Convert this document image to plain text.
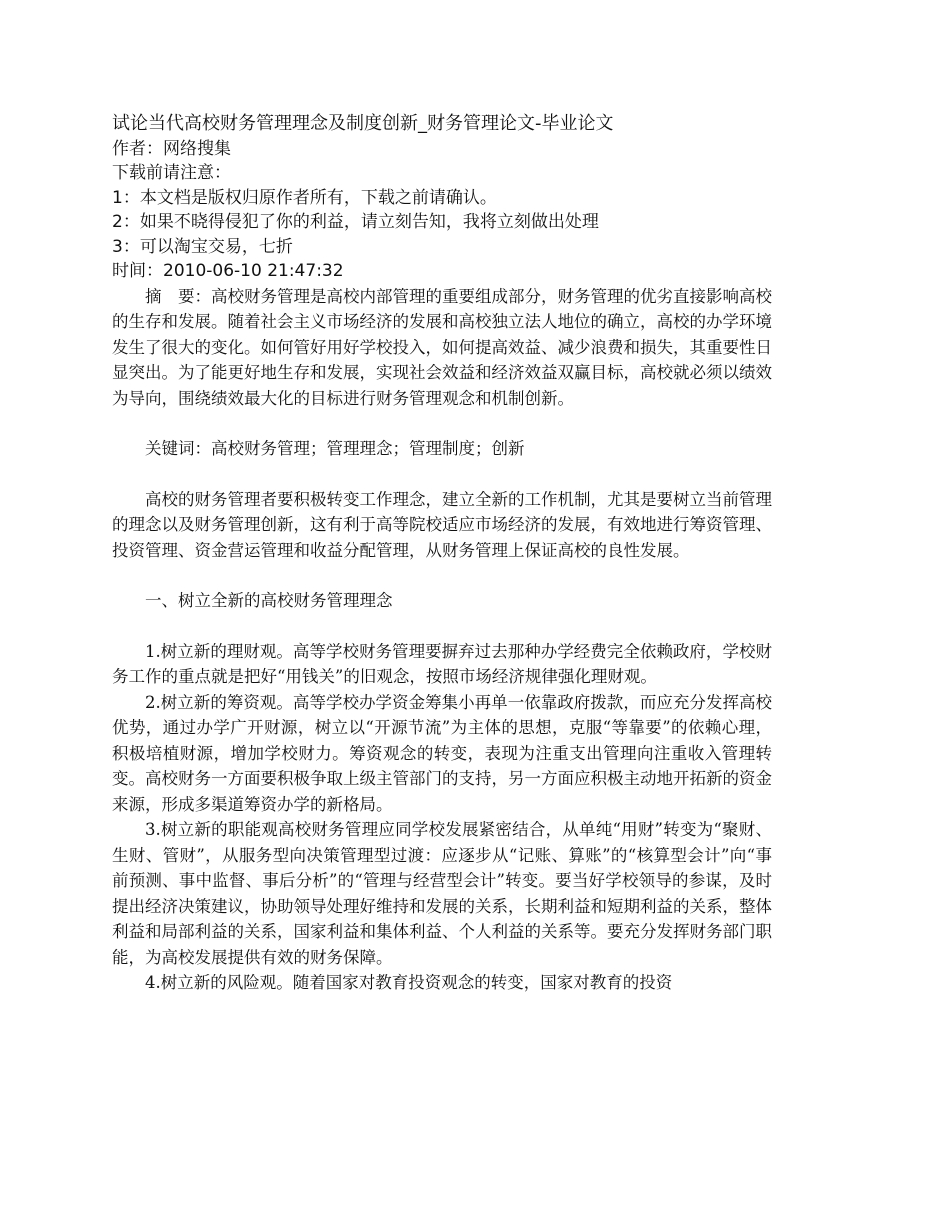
试论当代高校财务管理理念及制度创新_财务管理论文-毕业论文
作者：网络搜集
下载前请注意：
1：本文档是版权归原作者所有，下载之前请确认。
2：如果不晓得侵犯了你的利益，请立刻告知，我将立刻做出处理
3：可以淘宝交易，七折
时间：2010-06-10 21:47:32

摘　要：高校财务管理是高校内部管理的重要组成部分，财务管理的优劣直接影响高校的生存和发展。随着社会主义市场经济的发展和高校独立法人地位的确立，高校的办学环境发生了很大的变化。如何管好用好学校投入，如何提高效益、减少浪费和损失，其重要性日显突出。为了能更好地生存和发展，实现社会效益和经济效益双赢目标，高校就必须以绩效为导向，围绕绩效最大化的目标进行财务管理观念和机制创新。

关键词：高校财务管理；管理理念；管理制度；创新

高校的财务管理者要积极转变工作理念，建立全新的工作机制，尤其是要树立当前管理的理念以及财务管理创新，这有利于高等院校适应市场经济的发展，有效地进行筹资管理、投资管理、资金营运管理和收益分配管理，从财务管理上保证高校的良性发展。

一、树立全新的高校财务管理理念

1.树立新的理财观。高等学校财务管理要摒弃过去那种办学经费完全依赖政府，学校财务工作的重点就是把好“用钱关”的旧观念，按照市场经济规律强化理财观。

2.树立新的筹资观。高等学校办学资金筹集小再单一依靠政府拨款，而应充分发挥高校优势，通过办学广开财源，树立以“开源节流”为主体的思想，克服“等靠要”的依赖心理，积极培植财源，增加学校财力。筹资观念的转变，表现为注重支出管理向注重收入管理转变。高校财务一方面要积极争取上级主管部门的支持，另一方面应积极主动地开拓新的资金来源，形成多渠道筹资办学的新格局。

3.树立新的职能观高校财务管理应同学校发展紧密结合，从单纯“用财”转变为“聚财、生财、管财”，从服务型向决策管理型过渡：应逐步从“记账、算账”的“核算型会计”向“事前预测、事中监督、事后分析”的“管理与经营型会计”转变。要当好学校领导的参谋，及时提出经济决策建议，协助领导处理好维持和发展的关系，长期利益和短期利益的关系，整体利益和局部利益的关系，国家利益和集体利益、个人利益的关系等。要充分发挥财务部门职能，为高校发展提供有效的财务保障。

4.树立新的风险观。随着国家对教育投资观念的转变，国家对教育的投资
